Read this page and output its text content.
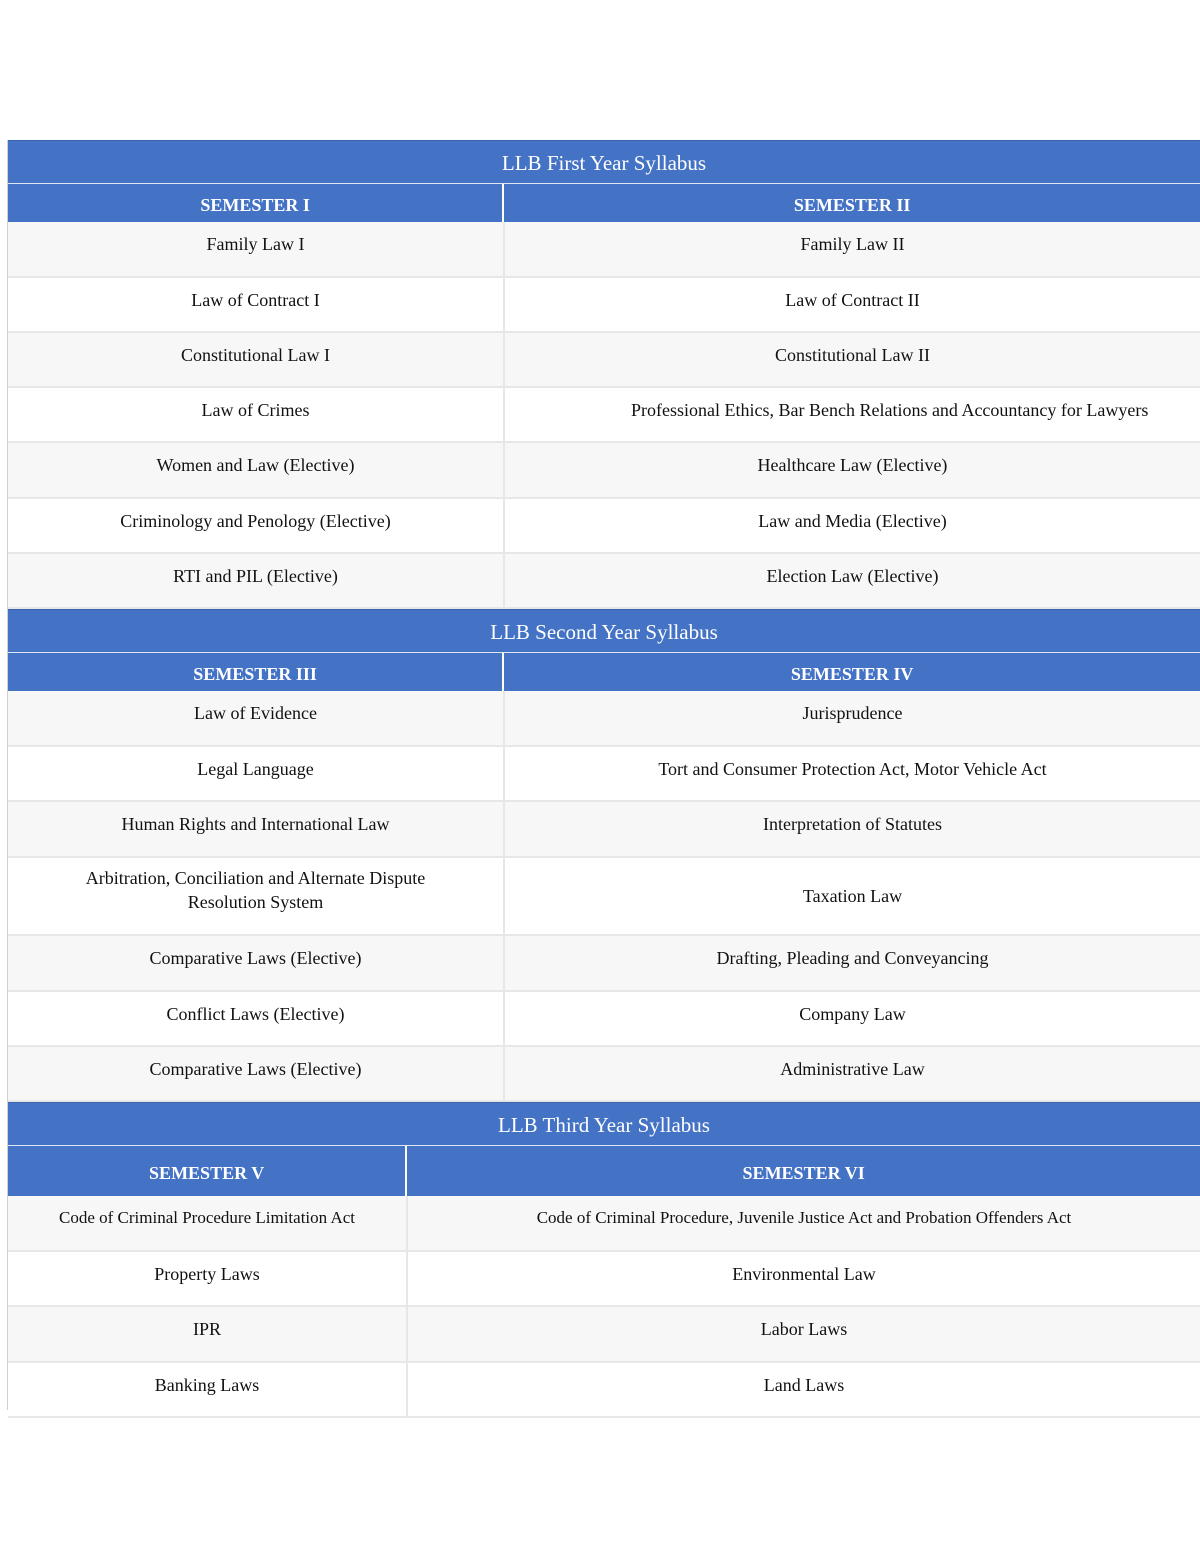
LLB First Year Syllabus
SEMESTER I	SEMESTER II
Family Law I	Family Law II
Law of Contract I	Law of Contract II
Constitutional Law I	Constitutional Law II
Law of Crimes	Professional Ethics, Bar Bench Relations and Accountancy for Lawyers
Women and Law (Elective)	Healthcare Law (Elective)
Criminology and Penology (Elective)	Law and Media (Elective)
RTI and PIL (Elective)	Election Law (Elective)
LLB Second Year Syllabus
SEMESTER III	SEMESTER IV
Law of Evidence	Jurisprudence
Legal Language	Tort and Consumer Protection Act, Motor Vehicle Act
Human Rights and International Law	Interpretation of Statutes
Arbitration, Conciliation and Alternate Dispute Resolution System	Taxation Law
Comparative Laws (Elective)	Drafting, Pleading and Conveyancing
Conflict Laws (Elective)	Company Law
Comparative Laws (Elective)	Administrative Law
LLB Third Year Syllabus
SEMESTER V	SEMESTER VI
Code of Criminal Procedure Limitation Act	Code of Criminal Procedure, Juvenile Justice Act and Probation Offenders Act
Property Laws	Environmental Law
IPR	Labor Laws
Banking Laws	Land Laws
